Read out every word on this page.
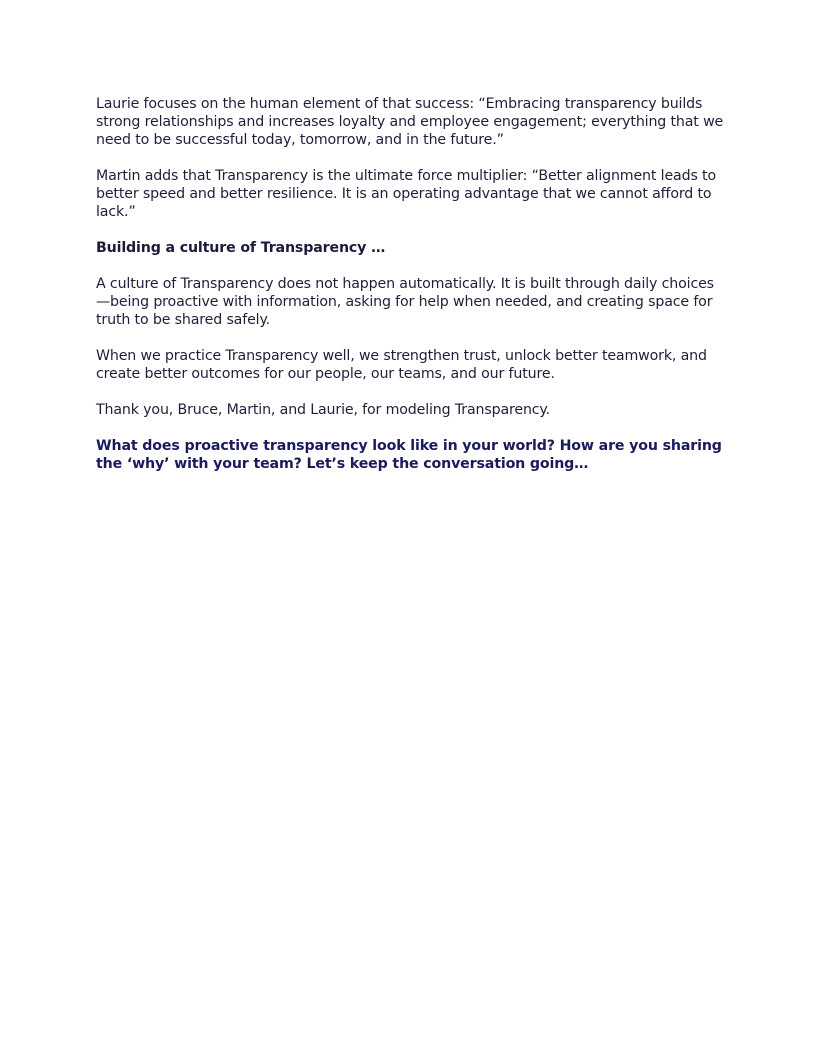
Laurie focuses on the human element of that success: “Embracing transparency builds strong relationships and increases loyalty and employee engagement; everything that we need to be successful today, tomorrow, and in the future.”

Martin adds that Transparency is the ultimate force multiplier: “Better alignment leads to better speed and better resilience. It is an operating advantage that we cannot afford to lack.”

Building a culture of Transparency …

A culture of Transparency does not happen automatically. It is built through daily choices—being proactive with information, asking for help when needed, and creating space for truth to be shared safely.

When we practice Transparency well, we strengthen trust, unlock better teamwork, and create better outcomes for our people, our teams, and our future.

Thank you, Bruce, Martin, and Laurie, for modeling Transparency.

What does proactive transparency look like in your world? How are you sharing the ‘why’ with your team? Let’s keep the conversation going…
